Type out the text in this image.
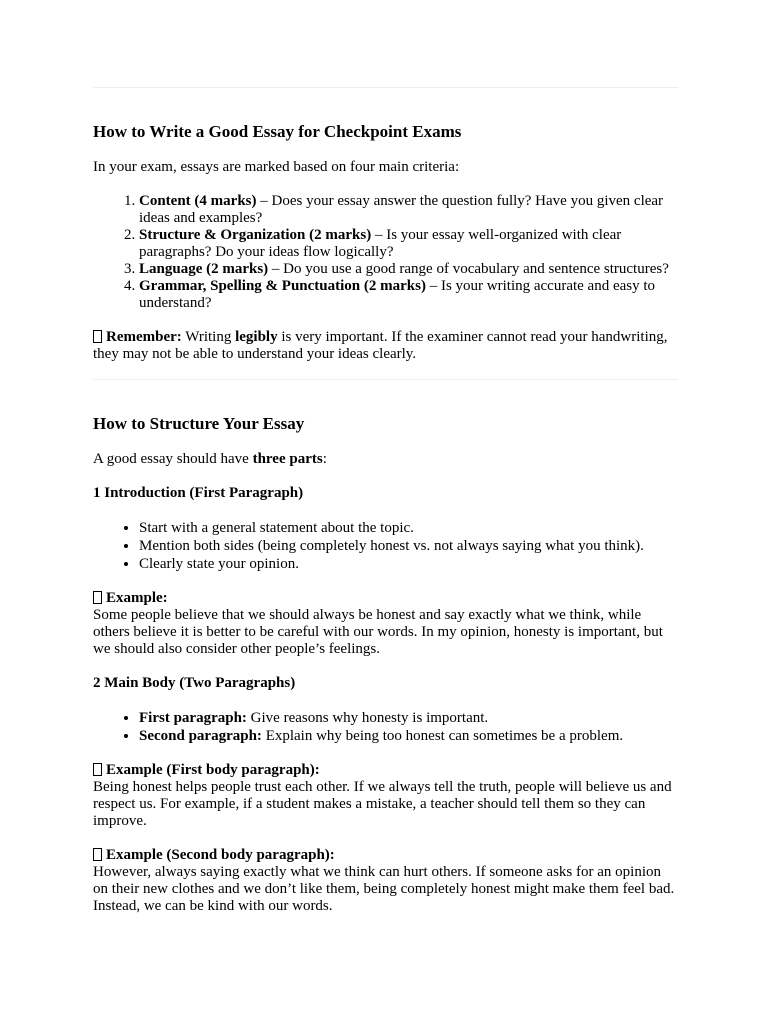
How to Write a Good Essay for Checkpoint Exams

In your exam, essays are marked based on four main criteria:

1. Content (4 marks) – Does your essay answer the question fully? Have you given clear ideas and examples?
2. Structure & Organization (2 marks) – Is your essay well-organized with clear paragraphs? Do your ideas flow logically?
3. Language (2 marks) – Do you use a good range of vocabulary and sentence structures?
4. Grammar, Spelling & Punctuation (2 marks) – Is your writing accurate and easy to understand?

Remember: Writing legibly is very important. If the examiner cannot read your handwriting, they may not be able to understand your ideas clearly.

How to Structure Your Essay

A good essay should have three parts:

1 Introduction (First Paragraph)

• Start with a general statement about the topic.
• Mention both sides (being completely honest vs. not always saying what you think).
• Clearly state your opinion.

Example:

Some people believe that we should always be honest and say exactly what we think, while others believe it is better to be careful with our words. In my opinion, honesty is important, but we should also consider other people’s feelings.

2 Main Body (Two Paragraphs)

• First paragraph: Give reasons why honesty is important.
• Second paragraph: Explain why being too honest can sometimes be a problem.

Example (First body paragraph):

Being honest helps people trust each other. If we always tell the truth, people will believe us and respect us. For example, if a student makes a mistake, a teacher should tell them so they can improve.

Example (Second body paragraph):

However, always saying exactly what we think can hurt others. If someone asks for an opinion on their new clothes and we don’t like them, being completely honest might make them feel bad. Instead, we can be kind with our words.
